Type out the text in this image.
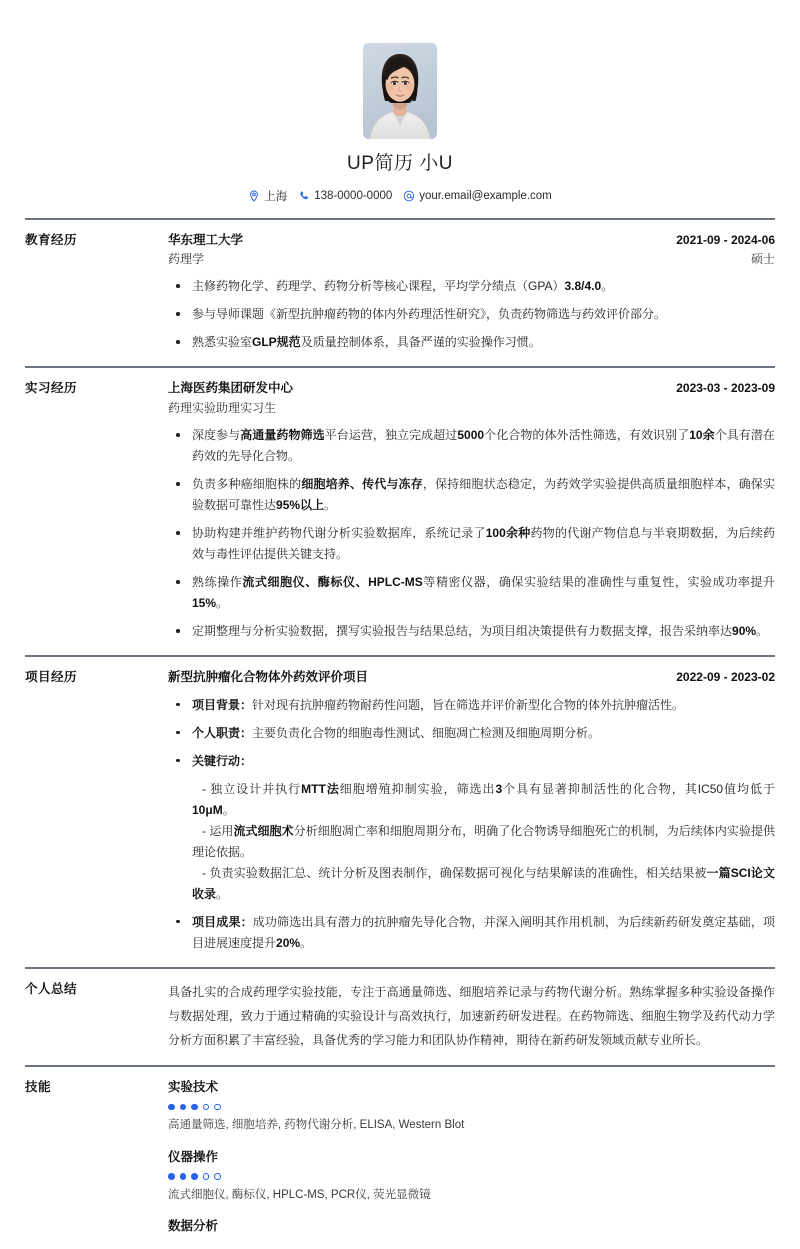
UP简历 小U
上海 138-0000-0000 your.email@example.com
教育经历	华东理工大学	2021-09 - 2024-06
药理学	硕士
主修药物化学、药理学、药物分析等核心课程，平均学分绩点（GPA）3.8/4.0。
参与导师课题《新型抗肿瘤药物的体内外药理活性研究》，负责药物筛选与药效评价部分。
熟悉实验室GLP规范及质量控制体系，具备严谨的实验操作习惯。
实习经历	上海医药集团研发中心	2023-03 - 2023-09
药理实验助理实习生
深度参与高通量药物筛选平台运营，独立完成超过5000个化合物的体外活性筛选，有效识别了10余个具有潜在药效的先导化合物。
负责多种癌细胞株的细胞培养、传代与冻存，保持细胞状态稳定，为药效学实验提供高质量细胞样本，确保实验数据可靠性达95%以上。
协助构建并维护药物代谢分析实验数据库，系统记录了100余种药物的代谢产物信息与半衰期数据，为后续药效与毒性评估提供关键支持。
熟练操作流式细胞仪、酶标仪、HPLC-MS等精密仪器，确保实验结果的准确性与重复性，实验成功率提升15%。
定期整理与分析实验数据，撰写实验报告与结果总结，为项目组决策提供有力数据支撑，报告采纳率达90%。
项目经历	新型抗肿瘤化合物体外药效评价项目	2022-09 - 2023-02
项目背景：针对现有抗肿瘤药物耐药性问题，旨在筛选并评价新型化合物的体外抗肿瘤活性。
个人职责：主要负责化合物的细胞毒性测试、细胞凋亡检测及细胞周期分析。
关键行动：
- 独立设计并执行MTT法细胞增殖抑制实验，筛选出3个具有显著抑制活性的化合物，其IC50值均低于10μM。
- 运用流式细胞术分析细胞凋亡率和细胞周期分布，明确了化合物诱导细胞死亡的机制，为后续体内实验提供理论依据。
- 负责实验数据汇总、统计分析及图表制作，确保数据可视化与结果解读的准确性，相关结果被一篇SCI论文收录。
项目成果：成功筛选出具有潜力的抗肿瘤先导化合物，并深入阐明其作用机制，为后续新药研发奠定基础，项目进展速度提升20%。
个人总结	具备扎实的合成药理学实验技能，专注于高通量筛选、细胞培养记录与药物代谢分析。熟练掌握多种实验设备操作与数据处理，致力于通过精确的实验设计与高效执行，加速新药研发进程。在药物筛选、细胞生物学及药代动力学分析方面积累了丰富经验，具备优秀的学习能力和团队协作精神，期待在新药研发领域贡献专业所长。
技能	实验技术
高通量筛选, 细胞培养, 药物代谢分析, ELISA, Western Blot
仪器操作
流式细胞仪, 酶标仪, HPLC-MS, PCR仪, 荧光显微镜
数据分析
